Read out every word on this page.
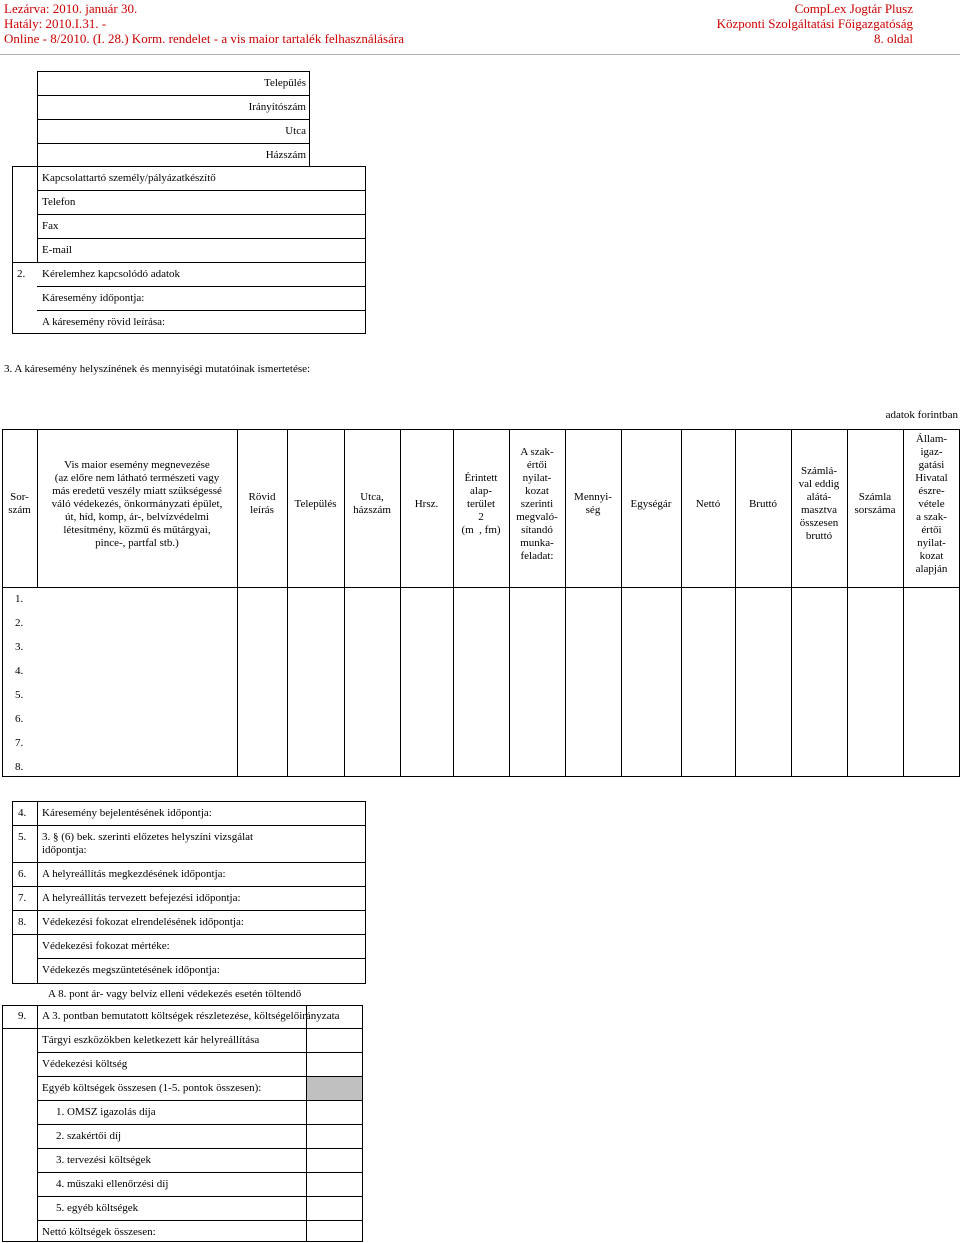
Lezárva: 2010. január 30.
Hatály: 2010.I.31. -
Online - 8/2010. (I. 28.) Korm. rendelet - a vis maior tartalék felhasználására
CompLex Jogtár Plusz
Központi Szolgáltatási Főigazgatóság
8. oldal
Település
Irányítószám
Utca
Házszám
Kapcsolattartó személy/pályázatkészítő
Telefon
Fax
E-mail
2. Kérelemhez kapcsolódó adatok
Káresemény időpontja:
A káresemény rövid leírása:
3. A káresemény helyszínének és mennyiségi mutatóinak ismertetése:
adatok forintban
Sor-
szám
Vis maior esemény megnevezése
(az előre nem látható természeti vagy
más eredetű veszély miatt szükségessé
váló védekezés, önkormányzati épület,
út, híd, komp, ár-, belvízvédelmi
létesítmény, közmű és műtárgyai,
pince-, partfal stb.)
Rövid
leírás
Település
Utca,
házszám
Hrsz.
Érintett
alap-
terület
2
(m  , fm)
A szak-
értői
nyilat-
kozat
szerinti
megvaló-
sítandó
munka-
feladat:
Mennyi-
ség
Egységár Nettó	Bruttó
Számlá-
val eddig
alátá-
masztva
összesen
bruttó
Számla
sorszáma
Állam-
igaz-
gatási
Hivatal
észre-
vétele
a szak-
értői
nyilat-
kozat
alapján
1.
2.
3.
4.
5.
6.
7.
8.
4. Káresemény bejelentésének időpontja:
5. 3. § (6) bek. szerinti előzetes helyszíni vizsgálat
időpontja:
6. A helyreállítás megkezdésének időpontja:
7. A helyreállítás tervezett befejezési időpontja:
8. Védekezési fokozat elrendelésének időpontja:
Védekezési fokozat mértéke:
Védekezés megszüntetésének időpontja:
A 8. pont ár- vagy belvíz elleni védekezés esetén töltendő
9. A 3. pontban bemutatott költségek részletezése, költségelőirányzata
Tárgyi eszközökben keletkezett kár helyreállítása
Védekezési költség
Egyéb költségek összesen (1-5. pontok összesen):
1. OMSZ igazolás díja
2. szakértői díj
3. tervezési költségek
4. műszaki ellenőrzési díj
5. egyéb költségek
Nettó költségek összesen:
